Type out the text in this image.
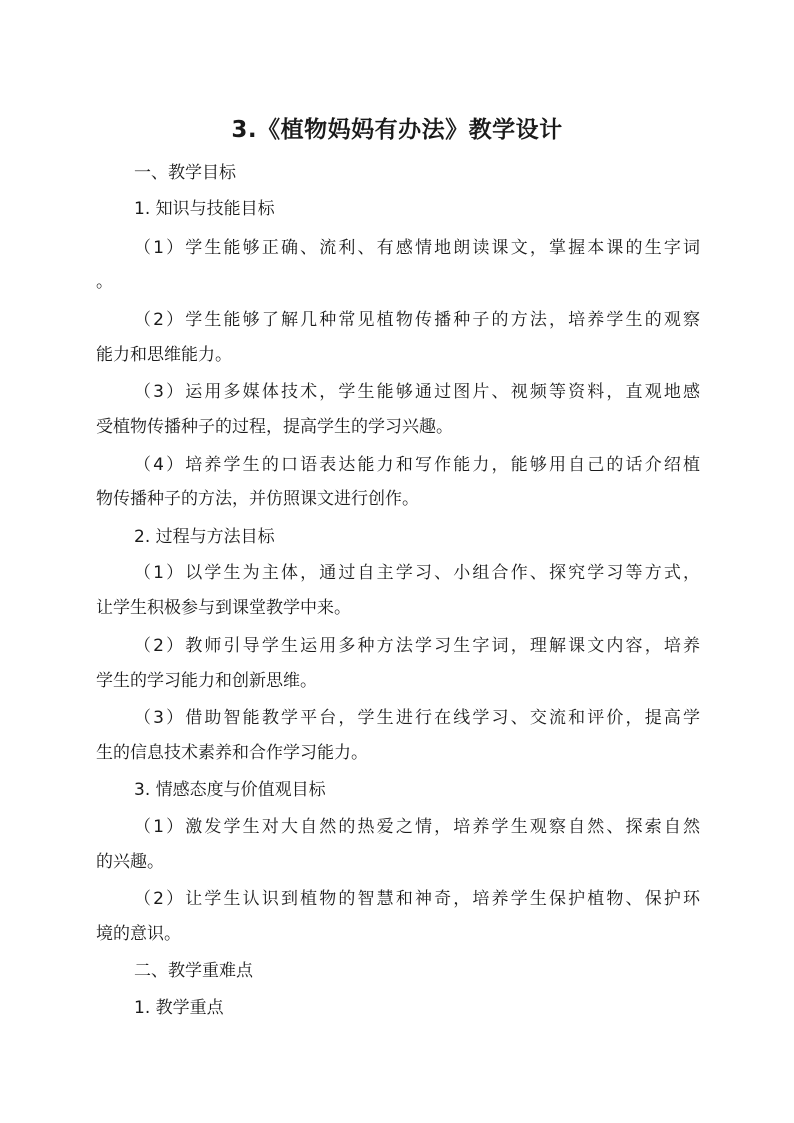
3.《植物妈妈有办法》教学设计
一、教学目标
1. 知识与技能目标
（1）学生能够正确、流利、有感情地朗读课文，掌握本课的生字词
。
（2）学生能够了解几种常见植物传播种子的方法，培养学生的观察
能力和思维能力。
（3）运用多媒体技术，学生能够通过图片、视频等资料，直观地感
受植物传播种子的过程，提高学生的学习兴趣。
（4）培养学生的口语表达能力和写作能力，能够用自己的话介绍植
物传播种子的方法，并仿照课文进行创作。
2. 过程与方法目标
（1）以学生为主体，通过自主学习、小组合作、探究学习等方式，
让学生积极参与到课堂教学中来。
（2）教师引导学生运用多种方法学习生字词，理解课文内容，培养
学生的学习能力和创新思维。
（3）借助智能教学平台，学生进行在线学习、交流和评价，提高学
生的信息技术素养和合作学习能力。
3. 情感态度与价值观目标
（1）激发学生对大自然的热爱之情，培养学生观察自然、探索自然
的兴趣。
（2）让学生认识到植物的智慧和神奇，培养学生保护植物、保护环
境的意识。
二、教学重难点
1. 教学重点
